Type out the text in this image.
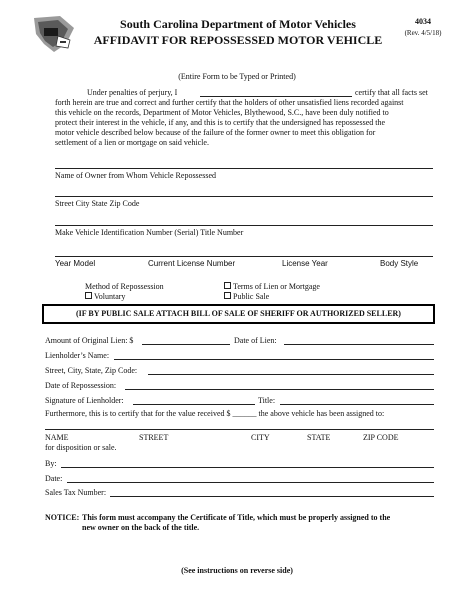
South Carolina Department of Motor Vehicles
AFFIDAVIT FOR REPOSSESSED MOTOR VEHICLE
4034
(Rev. 4/5/18)
(Entire Form to be Typed or Printed)
Under penalties of perjury, I	certify that all facts set
forth herein are true and correct and further certify that the holders of other unsatisfied liens recorded against
this vehicle on the records, Department of Motor Vehicles, Blythewood, S.C., have been duly notified to
protect their interest in the vehicle, if any, and this is to certify that the undersigned has repossessed the
motor vehicle described below because of the failure of the former owner to meet this obligation for
settlement of a lien or mortgage on said vehicle.
Name of Owner from Whom Vehicle Repossessed
Street City State Zip Code
Make Vehicle Identification Number (Serial) Title Number
Year Model	Current License Number	License Year	Body Style
Method of Repossession
Voluntary
Terms of Lien or Mortgage
Public Sale
(IF BY PUBLIC SALE ATTACH BILL OF SALE OF SHERIFF OR AUTHORIZED SELLER)
Amount of Original Lien: $	Date of Lien:
Lienholder’s Name:
Street, City, State, Zip Code:
Date of Repossession:
Signature of Lienholder:	Title:
Furthermore, this is to certify that for the value received $ ______ the above vehicle has been assigned to:
NAME	STREET	CITY	STATE	ZIP CODE
for disposition or sale.
By:
Date:
Sales Tax Number:
NOTICE: This form must accompany the Certificate of Title, which must be properly assigned to the
new owner on the back of the title.
(See instructions on reverse side)
